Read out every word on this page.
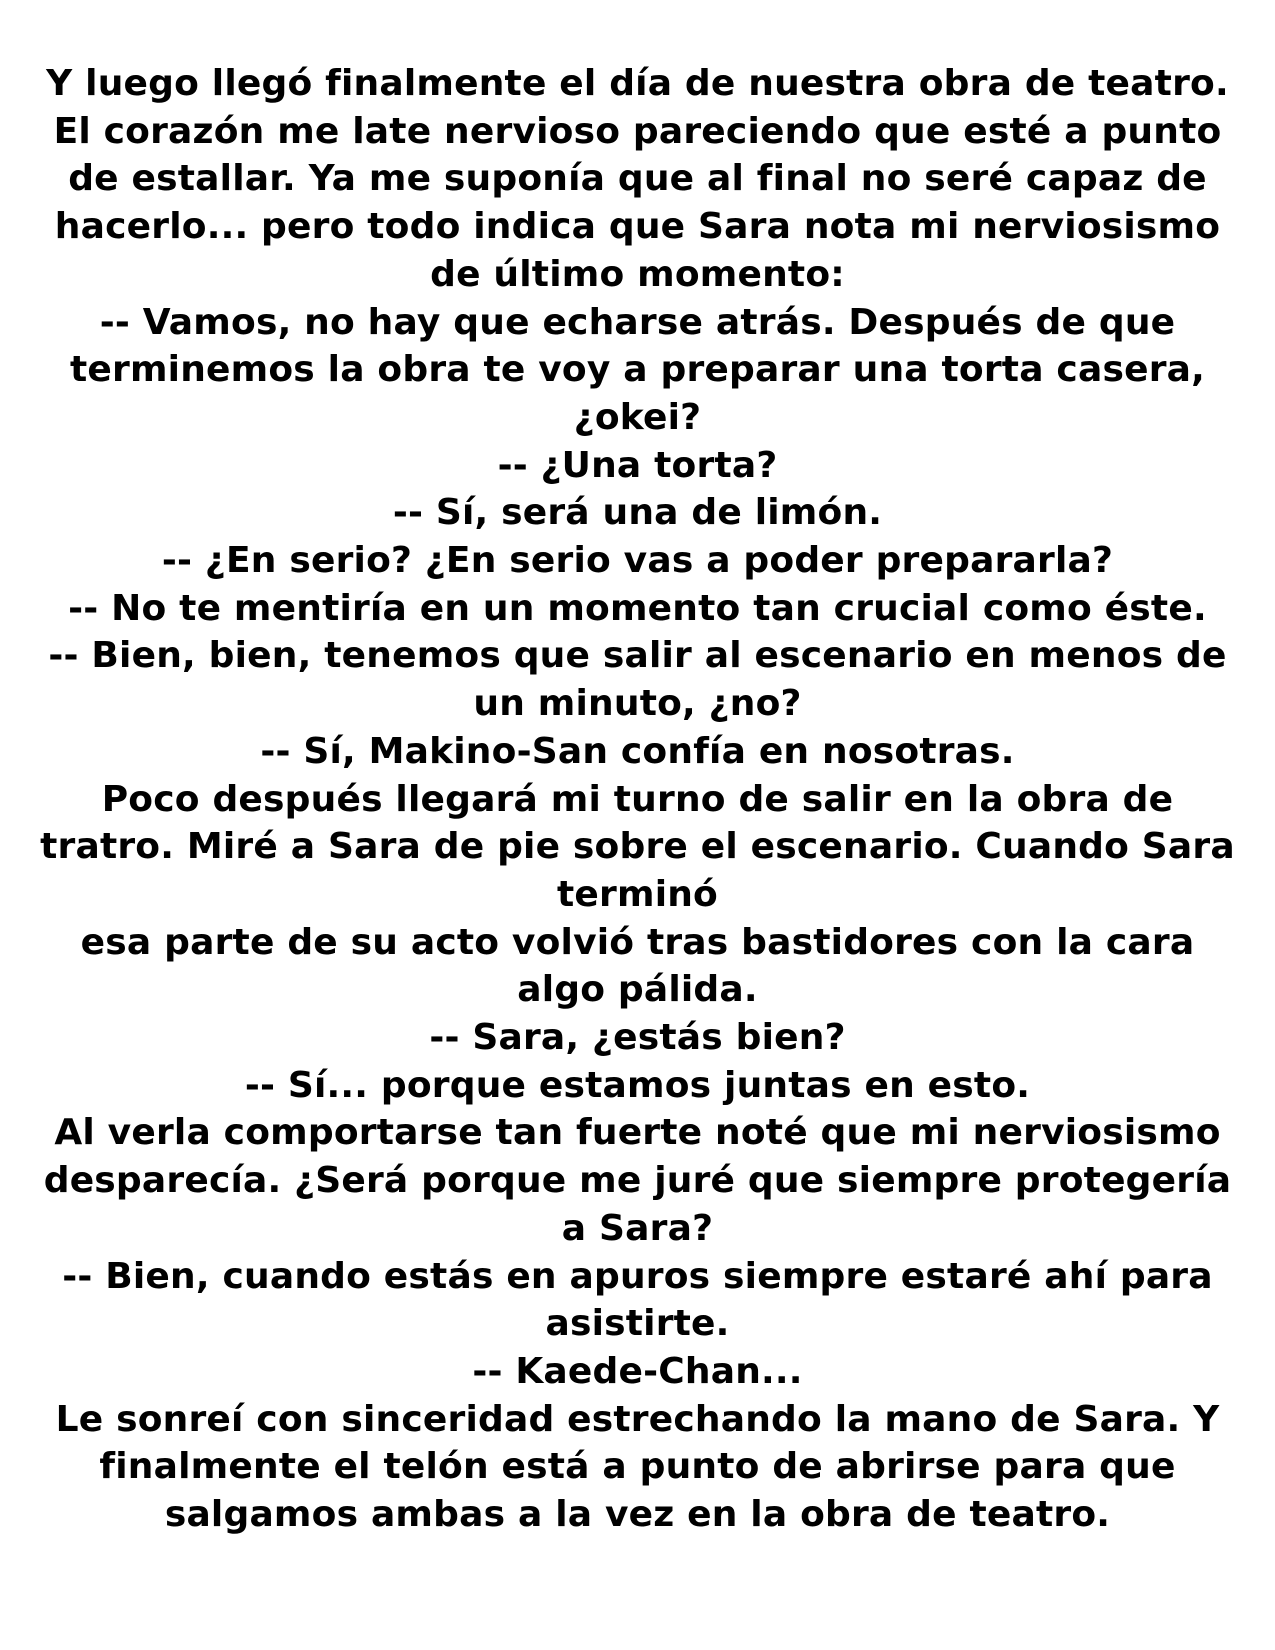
Y luego llegó finalmente el día de nuestra obra de teatro.
El corazón me late nervioso pareciendo que esté a punto
de estallar. Ya me suponía que al final no seré capaz de
hacerlo... pero todo indica que Sara nota mi nerviosismo
de último momento:
-- Vamos, no hay que echarse atrás. Después de que
terminemos la obra te voy a preparar una torta casera,
¿okei?
-- ¿Una torta?
-- Sí, será una de limón.
-- ¿En serio? ¿En serio vas a poder prepararla?
-- No te mentiría en un momento tan crucial como éste.
-- Bien, bien, tenemos que salir al escenario en menos de
un minuto, ¿no?
-- Sí, Makino-San confía en nosotras.
Poco después llegará mi turno de salir en la obra de
tratro. Miré a Sara de pie sobre el escenario. Cuando Sara
terminó
esa parte de su acto volvió tras bastidores con la cara
algo pálida.
-- Sara, ¿estás bien?
-- Sí... porque estamos juntas en esto.
Al verla comportarse tan fuerte noté que mi nerviosismo
desparecía. ¿Será porque me juré que siempre protegería
a Sara?
-- Bien, cuando estás en apuros siempre estaré ahí para
asistirte.
-- Kaede-Chan...
Le sonreí con sinceridad estrechando la mano de Sara. Y
finalmente el telón está a punto de abrirse para que
salgamos ambas a la vez en la obra de teatro.
